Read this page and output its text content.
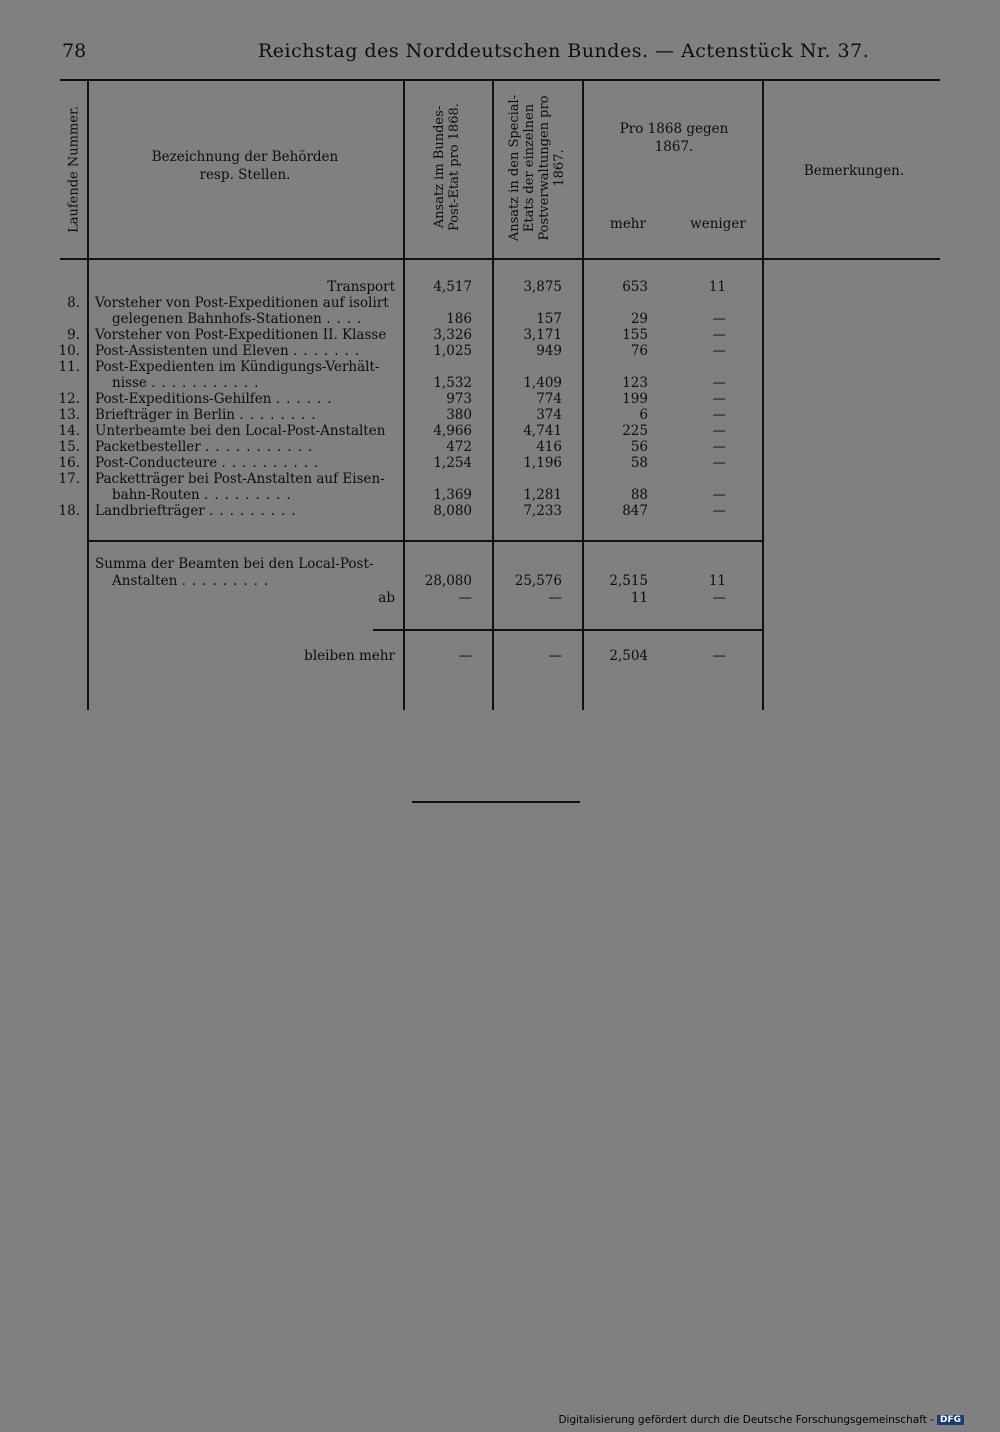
78	Reichstag des Norddeutschen Bundes. — Actenstück Nr. 37.
Laufende Nummer.	Bezeichnung der Behörden
resp. Stellen.	Ansatz im Bundes- Post-Etat pro 1868.	Ansatz in den Special- Etats der einzelnen Postverwaltungen pro 1867.
Pro 1868 gegen
1867.
mehr	weniger
Bemerkungen.
Transport	4,517	3,875	653	11
8. Vorsteher von Post-Expeditionen auf isolirt
gelegenen Bahnhofs-Stationen ....	186	157	29	—
9. Vorsteher von Post-Expeditionen II. Klasse	3,326	3,171	155	—
10. Post-Assistenten und Eleven .......	1,025	949	76	—
11. Post-Expedienten im Kündigungs-Verhält-
nisse ...........	1,532	1,409	123	—
12. Post-Expeditions-Gehilfen ......	973	774	199	—
13. Briefträger in Berlin ........	380	374	6	—
14. Unterbeamte bei den Local-Post-Anstalten	4,966	4,741	225	—
15. Packetbesteller ...........	472	416	56	—
16. Post-Conducteure ..........	1,254	1,196	58	—
17. Packetträger bei Post-Anstalten auf Eisen-
bahn-Routen .........	1,369	1,281	88	—
18. Landbriefträger .........	8,080	7,233	847	—
Summa der Beamten bei den Local-Post-
Anstalten .........	28,080	25,576	2,515	11
ab	—	—	11	—
bleiben mehr	—	—	2,504	—
Digitalisierung gefördert durch die Deutsche Forschungsgemeinschaft - DFG
